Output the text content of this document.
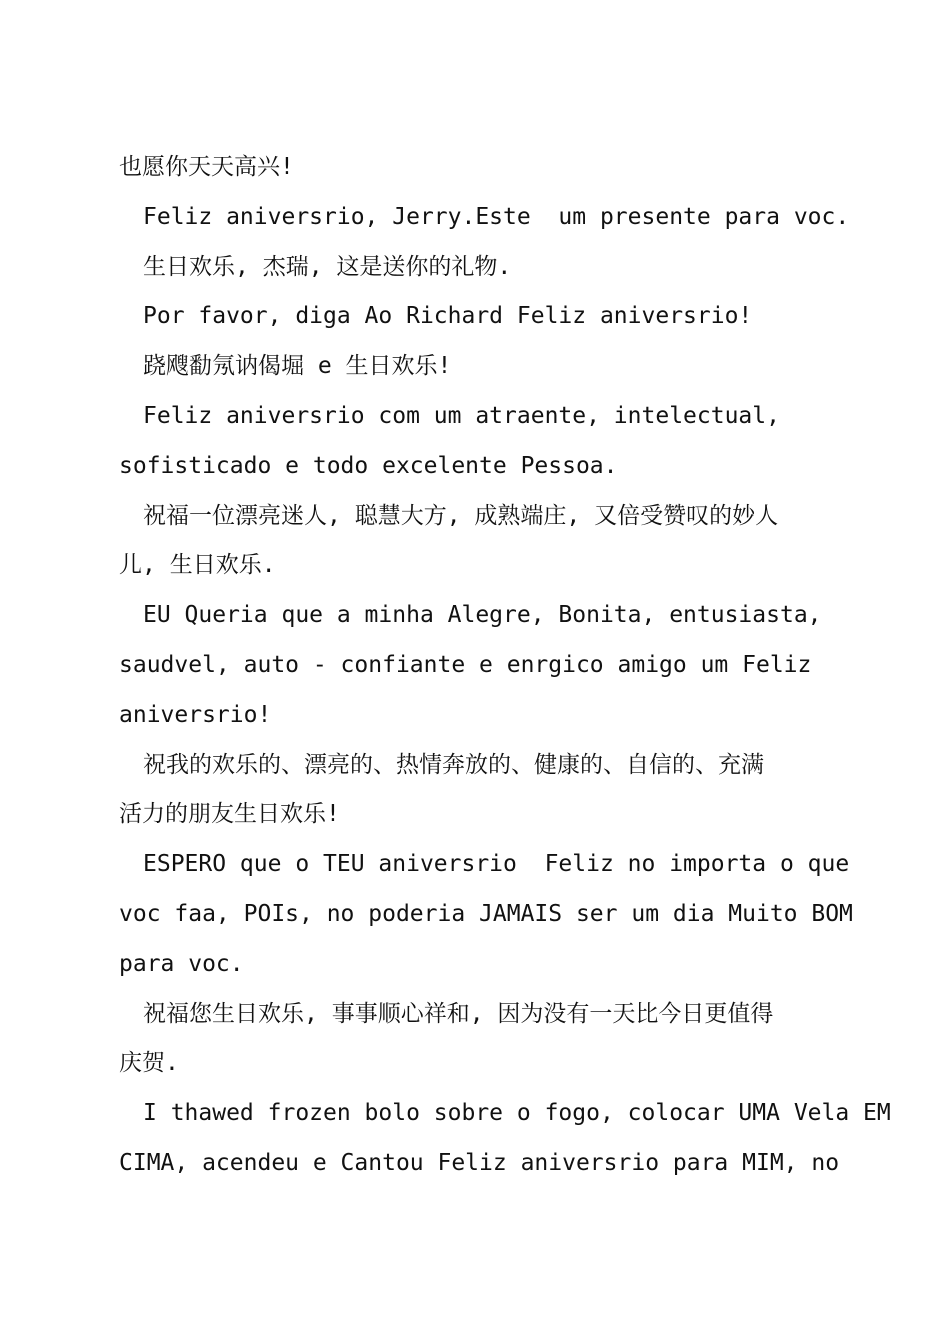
也愿你天天高兴!
Feliz aniversrio, Jerry.Este  um presente para voc.
生日欢乐, 杰瑞, 这是送你的礼物.
Por favor, diga Ao Richard Feliz aniversrio!
跷飕勫氖讷偈堀 e 生日欢乐!
Feliz aniversrio com um atraente, intelectual,
sofisticado e todo excelente Pessoa.
祝福一位漂亮迷人, 聪慧大方, 成熟端庄, 又倍受赞叹的妙人
儿, 生日欢乐.
EU Queria que a minha Alegre, Bonita, entusiasta,
saudvel, auto - confiante e enrgico amigo um Feliz
aniversrio!
祝我的欢乐的、漂亮的、热情奔放的、健康的、自信的、充满
活力的朋友生日欢乐!
ESPERO que o TEU aniversrio  Feliz no importa o que
voc faa, POIs, no poderia JAMAIS ser um dia Muito BOM
para voc.
祝福您生日欢乐, 事事顺心祥和, 因为没有一天比今日更值得
庆贺.
I thawed frozen bolo sobre o fogo, colocar UMA Vela EM
CIMA, acendeu e Cantou Feliz aniversrio para MIM, no
